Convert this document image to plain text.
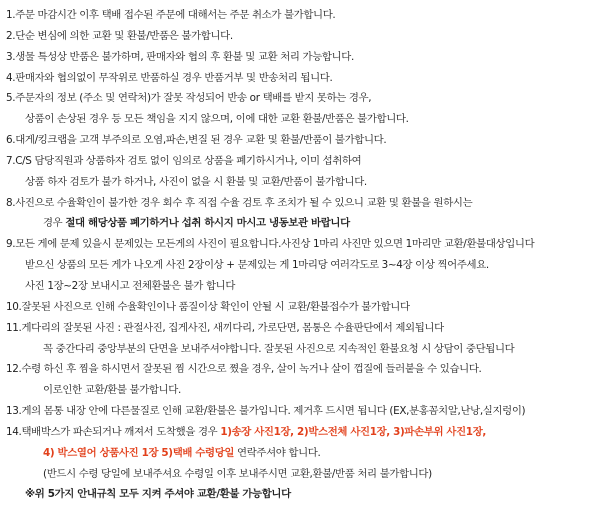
1.주문 마감시간 이후 택배 접수된 주문에 대해서는 주문 취소가 불가합니다.
2.단순 변심에 의한 교환 및 환불/반품은 불가합니다.
3.생물 특성상 반품은 불가하며, 판매자와 협의 후 환불 및 교환 처리 가능합니다.
4.판매자와 협의없이 무작위로 반품하실 경우 반품거부 및 반송처리 됩니다.
5.주문자의 정보 (주소 및 연락처)가 잘못 작성되어 반송 or 택배를 받지 못하는 경우,
상품이 손상된 경우 등 모든 책임을 지지 않으며, 이에 대한 교환 환불/반품은 불가합니다.
6.대게/킹크랩을 고객 부주의로 오염,파손,변질 된 경우 교환 및 환불/반품이 불가합니다.
7.C/S 담당직원과 상품하자 검토 없이 임의로 상품을 폐기하시거나, 이미 섭취하여
상품 하자 검토가 불가 하거나, 사진이 없을 시 환불 및 교환/반품이 불가합니다.
8.사진으로 수율확인이 불가한 경우 회수 후 직접 수율 검토 후 조치가 될 수 있으니 교환 및 환불을 원하시는
경우 절대 해당상품 폐기하거나 섭취 하시지 마시고 냉동보관 바랍니다
9.모든 게에 문제 있을시 문제있는 모든게의 사진이 필요합니다.사진상 1마리 사진만 있으면 1마리만 교환/환불대상입니다
받으신 상품의 모든 게가 나오게 사진 2장이상 + 문제있는 게 1마리당 여러각도로 3~4장 이상 찍어주세요.
사진 1장~2장 보내시고 전체환불은 불가 합니다
10.잘못된 사진으로 인해 수율확인이나 품질이상 확인이 안될 시 교환/환불접수가 불가합니다
11.게다리의 잘못된 사진 : 관절사진, 집게사진, 새끼다리, 가로단면, 몸통은 수율판단에서 제외됩니다
꼭 중간다리 중앙부분의 단면을 보내주셔야합니다. 잘못된 사진으로 지속적인 환불요청 시 상담이 중단됩니다
12.수령 하신 후 찜을 하시면서 잘못된 찜 시간으로 쪘을 경우, 살이 녹거나 살이 껍질에 들러붙을 수 있습니다.
이로인한 교환/환불 불가합니다.
13.게의 몸통 내장 안에 다른물질로 인해 교환/환불은 불가입니다. 제거후 드시면 됩니다 (EX,분홍꼼치알,난낭,실지렁이)
14.택배박스가 파손되거나 깨져서 도착했을 경우 1)송장 사진1장, 2)박스전체 사진1장, 3)파손부위 사진1장,
4) 박스열어 상품사진 1장 5)택배 수령당일 연락주셔야 합니다.
(반드시 수령 당일에 보내주셔요 수령일 이후 보내주시면 교환,환불/반품 처리 불가합니다)
※위 5가지 안내규칙 모두 지켜 주셔야 교환/환불 가능합니다
